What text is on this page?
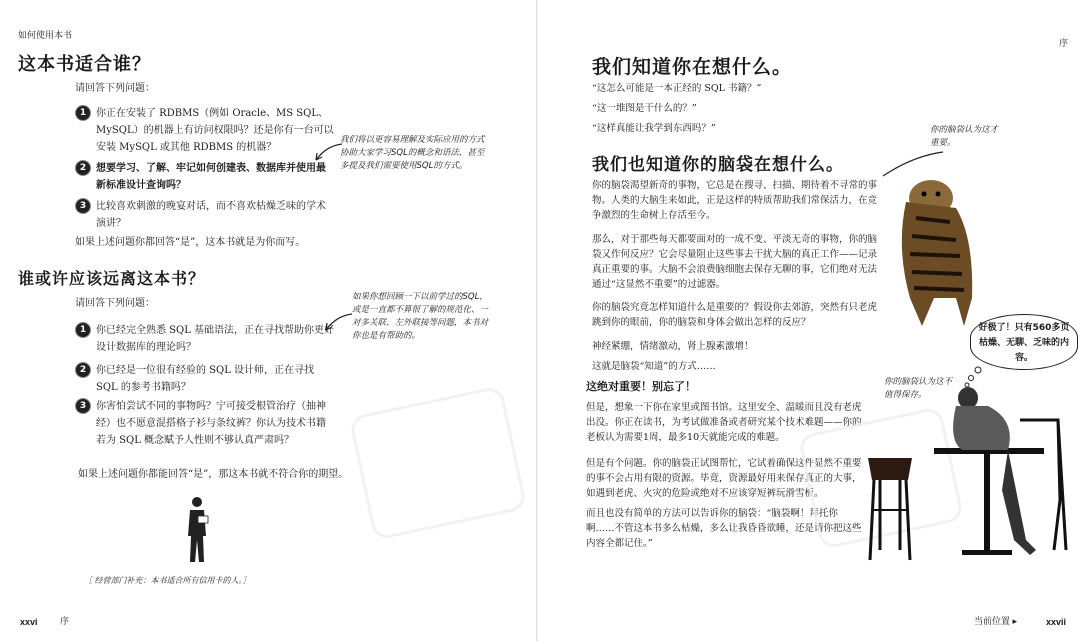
如何使用本书
这本书适合谁？
请回答下列问题：
1 你正在安装了 RDBMS（例如 Oracle、MS SQL、MySQL）的机器上有访问权限吗？还是你有一台可以安装 MySQL 或其他 RDBMS 的机器？
2 想要学习、了解、牢记如何创建表、数据库并使用最新标准设计查询吗？
3 比较喜欢刺激的晚宴对话，而不喜欢枯燥乏味的学术演讲？
我们将以更容易理解及实际应用的方式协助大家学习SQL的概念和语法，甚至多提及我们需要使用SQL的方式。
如果上述问题你都回答“是”，这本书就是为你而写。
谁或许应该远离这本书？
请回答下列问题：
1 你已经完全熟悉 SQL 基础语法，正在寻找帮助你更好设计数据库的理论吗？
2 你已经是一位很有经验的 SQL 设计师，正在寻找 SQL 的参考书籍吗？
3 你害怕尝试不同的事物吗？宁可接受根管治疗（抽神经）也不愿意混搭格子衫与条纹裤？你认为技术书籍若为 SQL 概念赋予人性则不够认真严肃吗？
如果你想回顾一下以前学过的SQL，或是一直都不算很了解的规范化、一对多关联、左外联接等问题，本书对你也是有帮助的。
如果上述问题你都能回答“是”，那这本书就不符合你的期望。
［ 经营部门补充：本书适合所有信用卡的人。］
xxvi 序
序
我们知道你在想什么。
“这怎么可能是一本正经的 SQL 书籍？”
“这一堆图是干什么的？”
“这样真能让我学到东西吗？”
我们也知道你的脑袋在想什么。
你的脑袋认为这才重要。
你的脑袋渴望新奇的事物，它总是在搜寻、扫描、期待着不寻常的事物。人类的大脑生来如此，正是这样的特质帮助我们常保活力，在竞争激烈的生命树上存活至今。
那么，对于那些每天都要面对的一成不变、平淡无奇的事物，你的脑袋又作何反应？它会尽量阻止这些事去干扰大脑的真正工作——记录真正重要的事。大脑不会浪费脑细胞去保存无聊的事，它们绝对无法通过“这显然不重要”的过滤器。
你的脑袋究竟怎样知道什么是重要的？假设你去郊游，突然有只老虎跳到你的眼前，你的脑袋和身体会做出怎样的反应？
神经紧绷，情绪激动，肾上腺素激增！
这就是脑袋“知道”的方式……
这绝对重要！别忘了！
但是，想象一下你在家里或图书馆。这里安全、温暖而且没有老虎出没。你正在读书，为考试做准备或者研究某个技术难题——你的老板认为需要1周，最多10天就能完成的难题。
但是有个问题。你的脑袋正试图帮忙，它试着确保这件显然不重要的事不会占用有限的资源。毕竟，资源最好用来保存真正的大事，如遇到老虎、火灾的危险或绝对不应该穿短裤玩滑雪板。
而且也没有简单的方法可以告诉你的脑袋：“脑袋啊！拜托你啊……不管这本书多么枯燥，多么让我昏昏欲睡，还是请你把这些内容全都记住。”
好极了！只有560多页枯燥、无聊、乏味的内容。
你的脑袋认为这不值得保存。
当前位置 ▸	xxvii
